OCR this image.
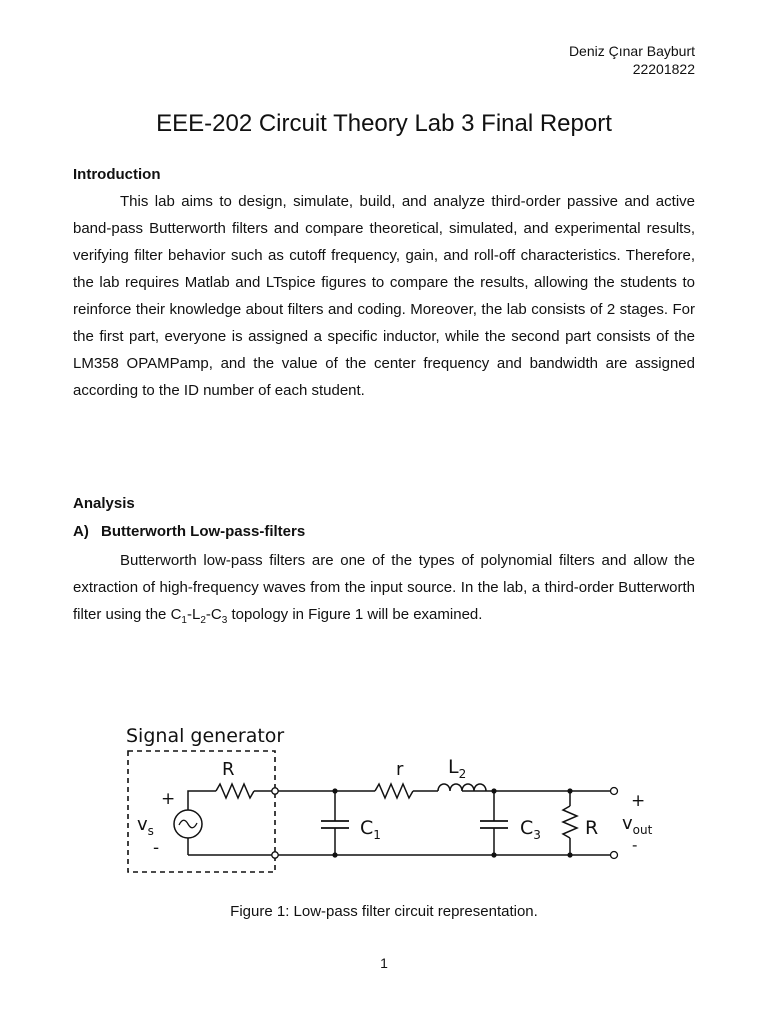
Deniz Çınar Bayburt
22201822
EEE-202 Circuit Theory Lab 3 Final Report
Introduction

This lab aims to design, simulate, build, and analyze third-order passive and active band-pass Butterworth filters and compare theoretical, simulated, and experimental results, verifying filter behavior such as cutoff frequency, gain, and roll-off characteristics. Therefore, the lab requires Matlab and LTspice figures to compare the results, allowing the students to reinforce their knowledge about filters and coding. Moreover, the lab consists of 2 stages. For the first part, everyone is assigned a specific inductor, while the second part consists of the LM358 OPAMPamp, and the value of the center frequency and bandwidth are assigned according to the ID number of each student.

Analysis
A) Butterworth Low-pass-filters

Butterworth low-pass filters are one of the types of polynomial filters and allow the extraction of high-frequency waves from the input source. In the lab, a third-order Butterworth filter using the $C_1-L_2-C_3$ topology in Figure 1 will be examined.

Signal generator
R
+
$v_s$
-
$C_1$
r $L_2$
$C_3$ R
+
$v_{out}$
-
Figure 1: Low-pass filter circuit representation.
1
